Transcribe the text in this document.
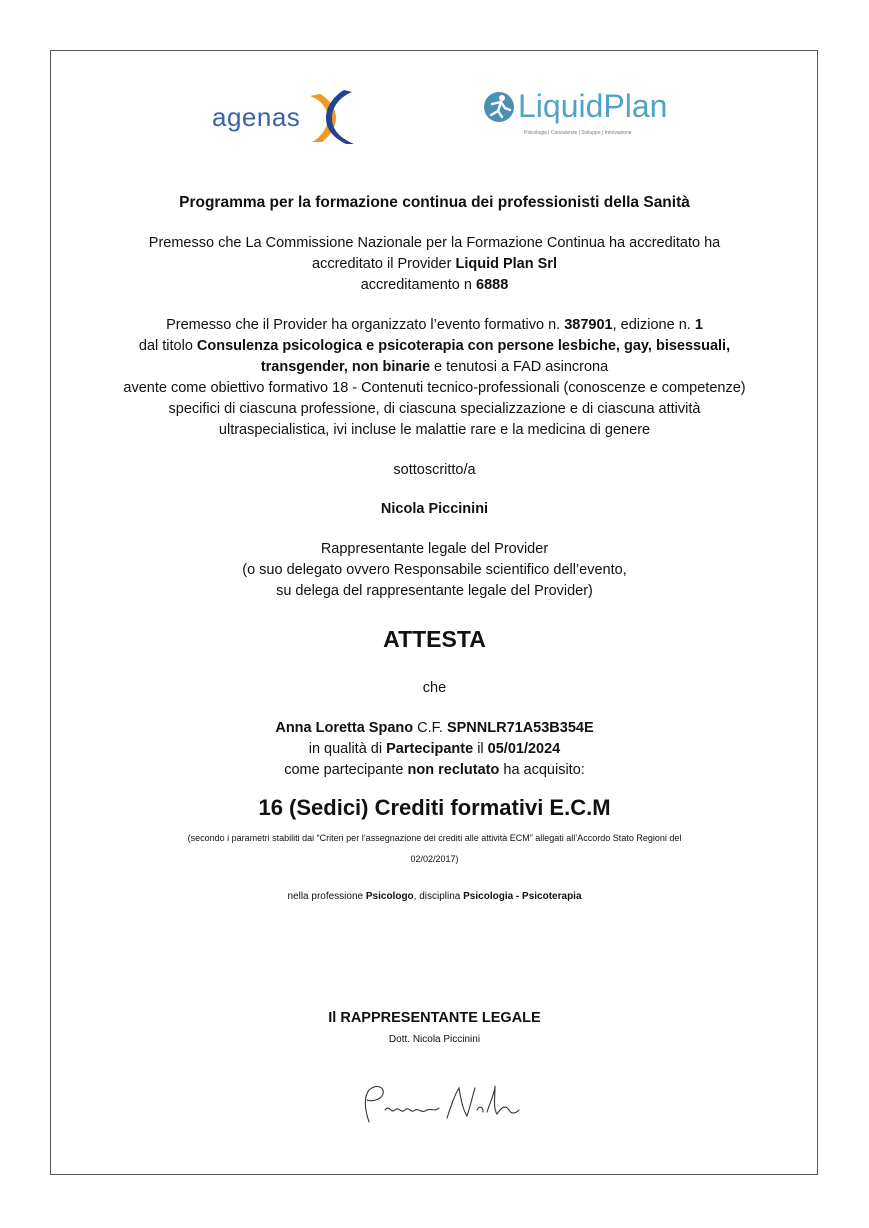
agenas	LiquidPlan
Psicologia | Consulenze | Sviluppo | Innovazione
Programma per la formazione continua dei professionisti della Sanità
Premesso che La Commissione Nazionale per la Formazione Continua ha accreditato ha
accreditato il Provider Liquid Plan Srl
accreditamento n 6888
Premesso che il Provider ha organizzato l’evento formativo n. 387901, edizione n. 1
dal titolo Consulenza psicologica e psicoterapia con persone lesbiche, gay, bisessuali,
transgender, non binarie e tenutosi a FAD asincrona
avente come obiettivo formativo 18 - Contenuti tecnico-professionali (conoscenze e competenze)
specifici di ciascuna professione, di ciascuna specializzazione e di ciascuna attività
ultraspecialistica, ivi incluse le malattie rare e la medicina di genere
sottoscritto/a
Nicola Piccinini
Rappresentante legale del Provider
(o suo delegato ovvero Responsabile scientifico dell’evento,
su delega del rappresentante legale del Provider)
ATTESTA
che
Anna Loretta Spano C.F. SPNNLR71A53B354E
in qualità di Partecipante il 05/01/2024
come partecipante non reclutato ha acquisito:
16 (Sedici) Crediti formativi E.C.M
(secondo i parametri stabiliti dai “Criteri per l’assegnazione dei crediti alle attività ECM” allegati all’Accordo Stato Regioni del
02/02/2017)
nella professione Psicologo, disciplina Psicologia - Psicoterapia
Il RAPPRESENTANTE LEGALE
Dott. Nicola Piccinini
